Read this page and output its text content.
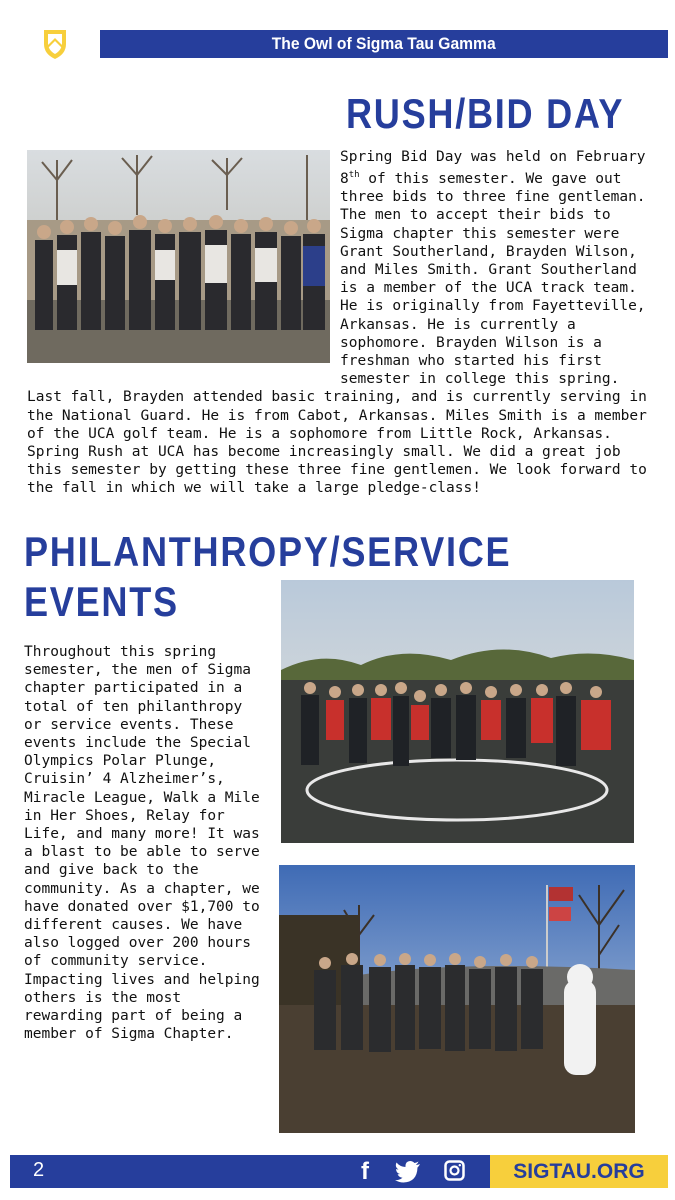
The Owl of Sigma Tau Gamma
RUSH/BID DAY
Spring Bid Day was held on February 8th of this semester. We gave out three bids to three fine gentleman. The men to accept their bids to Sigma chapter this semester were Grant Southerland, Brayden Wilson, and Miles Smith. Grant Southerland is a member of the UCA track team. He is originally from Fayetteville, Arkansas. He is currently a sophomore. Brayden Wilson is a freshman who started his first semester in college this spring. Last fall, Brayden attended basic training, and is currently serving in the National Guard. He is from Cabot, Arkansas. Miles Smith is a member of the UCA golf team. He is a sophomore from Little Rock, Arkansas. Spring Rush at UCA has become increasingly small. We did a great job this semester by getting these three fine gentlemen. We look forward to the fall in which we will take a large pledge-class!
PHILANTHROPY/SERVICE
EVENTS
Throughout this spring semester, the men of Sigma chapter participated in a total of ten philanthropy or service events. These events include the Special Olympics Polar Plunge, Cruisin’ 4 Alzheimer’s, Miracle League, Walk a Mile in Her Shoes, Relay for Life, and many more! It was a blast to be able to serve and give back to the community. As a chapter, we have donated over $1,700 to different causes. We have also logged over 200 hours of community service. Impacting lives and helping others is the most rewarding part of being a member of Sigma Chapter.
2	f	SIGTAU.ORG
